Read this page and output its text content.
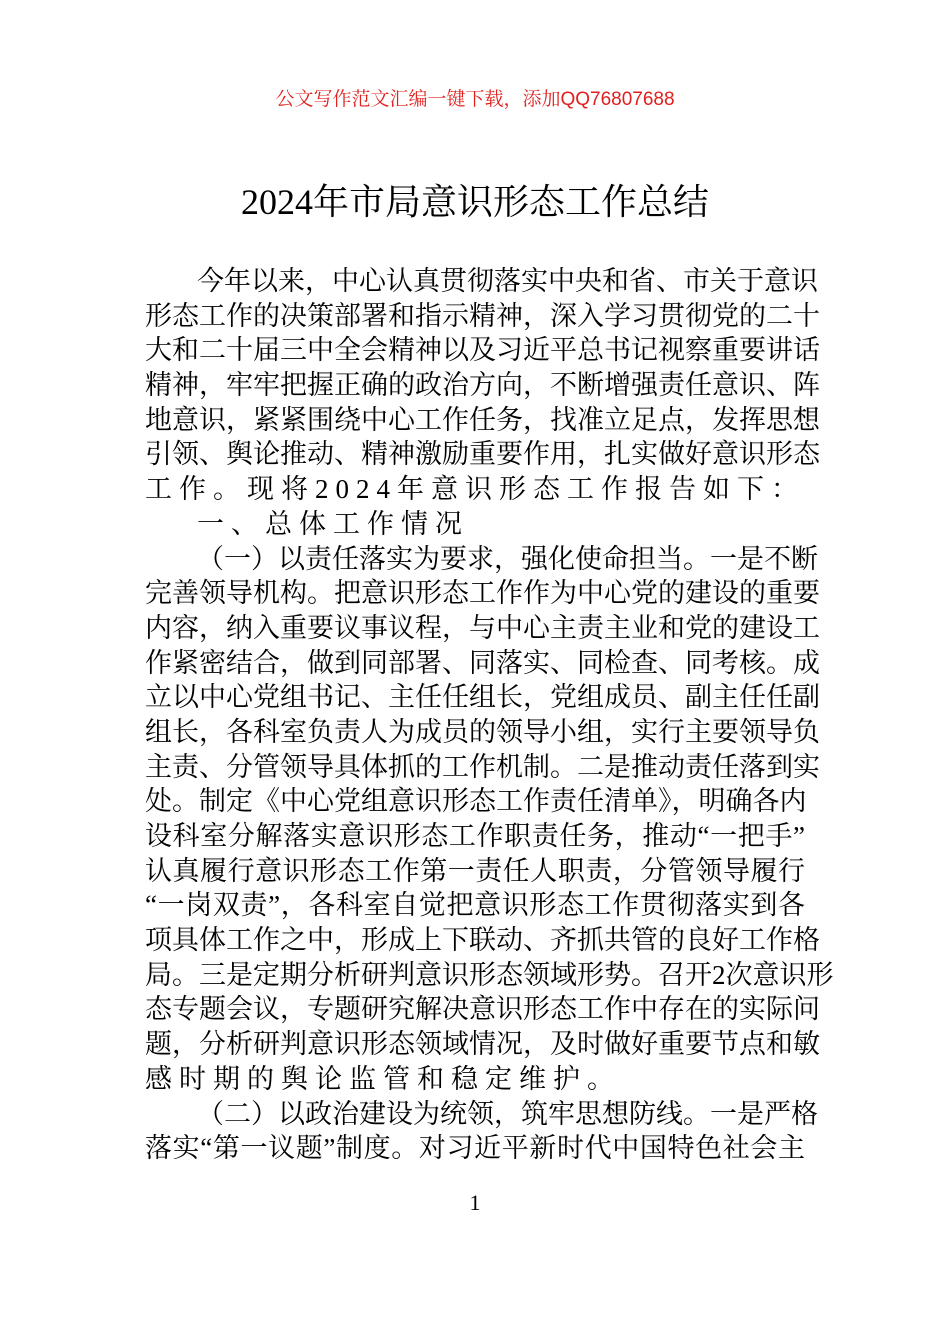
公文写作范文汇编一键下载，添加QQ76807688
2024年市局意识形态工作总结
今年以来，中心认真贯彻落实中央和省、市关于意识
形态工作的决策部署和指示精神，深入学习贯彻党的二十
大和二十届三中全会精神以及习近平总书记视察重要讲话
精神，牢牢把握正确的政治方向，不断增强责任意识、阵
地意识，紧紧围绕中心工作任务，找准立足点，发挥思想
引领、舆论推动、精神激励重要作用，扎实做好意识形态
工作。现将2024年意识形态工作报告如下：
一、总体工作情况
（一）以责任落实为要求，强化使命担当。一是不断
完善领导机构。把意识形态工作作为中心党的建设的重要
内容，纳入重要议事议程，与中心主责主业和党的建设工
作紧密结合，做到同部署、同落实、同检查、同考核。成
立以中心党组书记、主任任组长，党组成员、副主任任副
组长，各科室负责人为成员的领导小组，实行主要领导负
主责、分管领导具体抓的工作机制。二是推动责任落到实
处。制定《中心党组意识形态工作责任清单》，明确各内
设科室分解落实意识形态工作职责任务，推动“一把手”
认真履行意识形态工作第一责任人职责，分管领导履行
“一岗双责”，各科室自觉把意识形态工作贯彻落实到各
项具体工作之中，形成上下联动、齐抓共管的良好工作格
局。三是定期分析研判意识形态领域形势。召开2次意识形
态专题会议，专题研究解决意识形态工作中存在的实际问
题，分析研判意识形态领域情况，及时做好重要节点和敏
感时期的舆论监管和稳定维护。
（二）以政治建设为统领，筑牢思想防线。一是严格
落实“第一议题”制度。对习近平新时代中国特色社会主
1
